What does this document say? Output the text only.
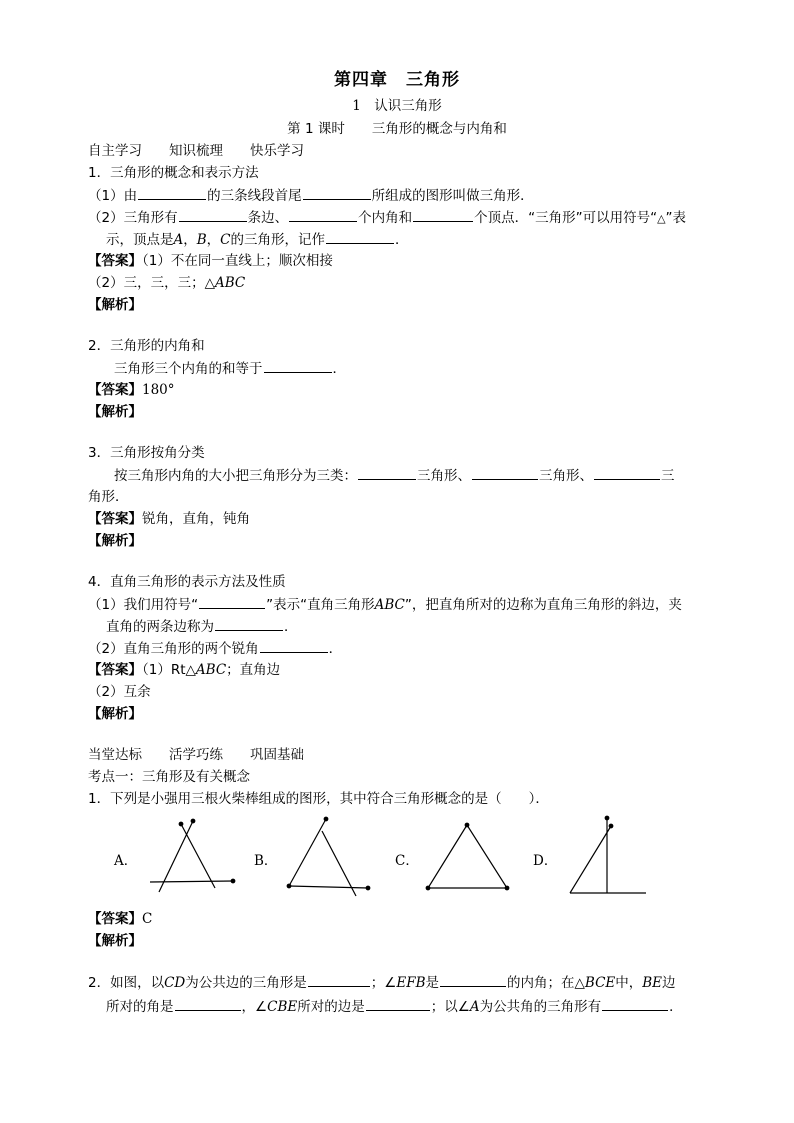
第四章　三角形
1　认识三角形
第 1 课时　　三角形的概念与内角和
自主学习　　知识梳理　　快乐学习
1．三角形的概念和表示方法
（1）由	的三条线段首尾	所组成的图形叫做三角形．
（2）三角形有	条边、	个内角和	个顶点．“三角形”可以用符号“△”表
示，顶点是A，B，C的三角形，记作	．
【答案】（1）不在同一直线上；顺次相接
（2）三，三，三；△ABC
【解析】
2．三角形的内角和
三角形三个内角的和等于	．
【答案】180°
【解析】
3．三角形按角分类
按三角形内角的大小把三角形分为三类：	三角形、	三角形、	三
角形．
【答案】锐角，直角，钝角
【解析】
4．直角三角形的表示方法及性质
（1）我们用符号“	”表示“直角三角形ABC”，把直角所对的边称为直角三角形的斜边，夹
直角的两条边称为	．
（2）直角三角形的两个锐角	．
【答案】（1）Rt△ABC；直角边
（2）互余
【解析】
当堂达标　　活学巧练　　巩固基础
考点一：三角形及有关概念
1．下列是小强用三根火柴棒组成的图形，其中符合三角形概念的是（　　）．
A．	B．	C．	D．
【答案】C
【解析】
2．如图，以CD为公共边的三角形是	；∠EFB是	的内角；在△BCE中，BE边
所对的角是	，∠CBE所对的边是	；以∠A为公共角的三角形有	．
